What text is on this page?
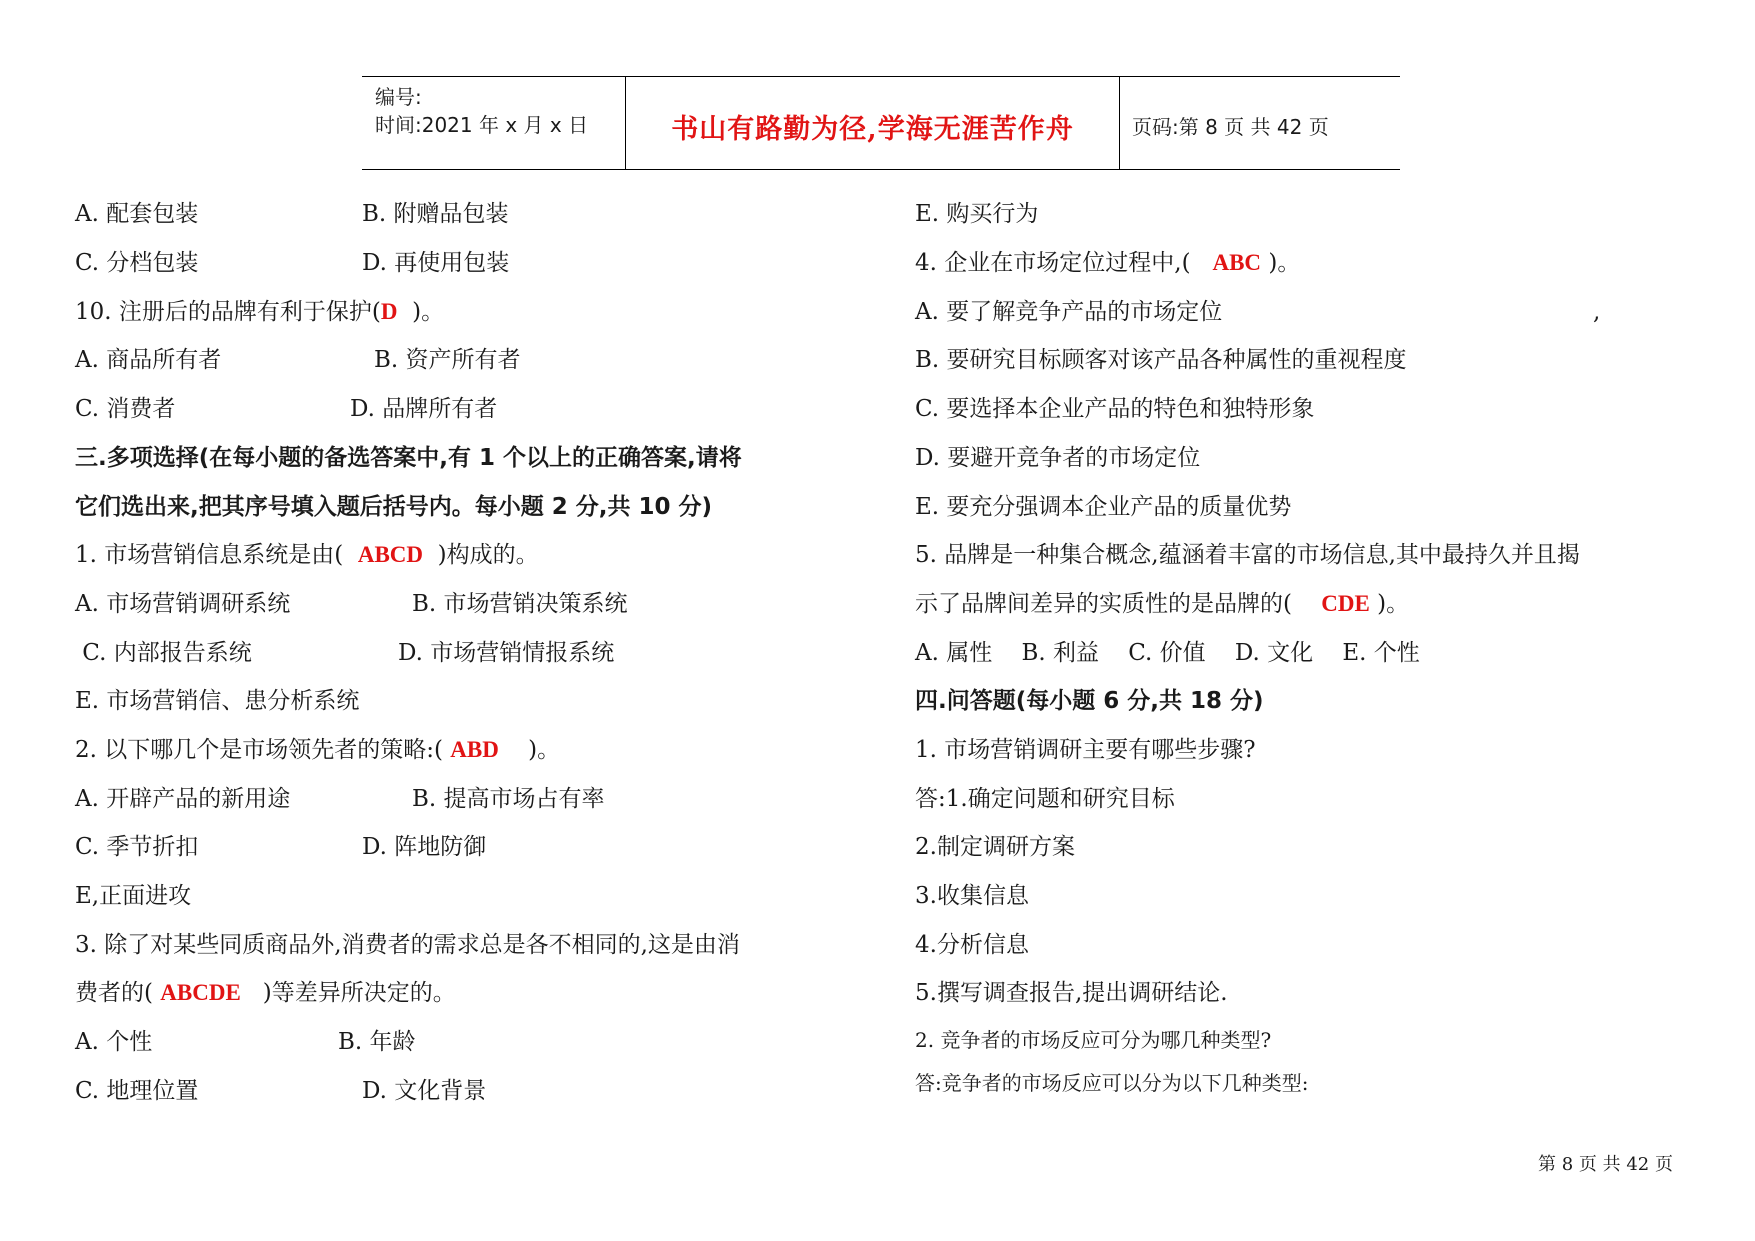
编号:
时间:2021 年 x 月 x 日	书山有路勤为径,学海无涯苦作舟	页码:第 8 页 共 42 页
A. 配套包装	B. 附赠品包装
C. 分档包装	D. 再使用包装
10. 注册后的品牌有利于保护(D  )。
A. 商品所有者	B. 资产所有者
C. 消费者	D. 品牌所有者
三.多项选择(在每小题的备选答案中,有 1 个以上的正确答案,请将
它们选出来,把其序号填入题后括号内。每小题 2 分,共 10 分)
1. 市场营销信息系统是由(  ABCD  )构成的。
A. 市场营销调研系统	B. 市场营销决策系统
C. 内部报告系统	D. 市场营销情报系统
E. 市场营销信、患分析系统
2. 以下哪几个是市场领先者的策略:( ABD    )。
A. 开辟产品的新用途	B. 提高市场占有率
C. 季节折扣	D. 阵地防御
E,正面进攻
3. 除了对某些同质商品外,消费者的需求总是各不相同的,这是由消
费者的( ABCDE   )等差异所决定的。
A. 个性	B. 年龄
C. 地理位置	D. 文化背景
E. 购买行为
4. 企业在市场定位过程中,(   ABC )。
A. 要了解竞争产品的市场定位	,
B. 要研究目标顾客对该产品各种属性的重视程度
C. 要选择本企业产品的特色和独特形象
D. 要避开竞争者的市场定位
E. 要充分强调本企业产品的质量优势
5. 品牌是一种集合概念,蕴涵着丰富的市场信息,其中最持久并且揭
示了品牌间差异的实质性的是品牌的(    CDE )。
A. 属性    B. 利益    C. 价值    D. 文化    E. 个性
四.问答题(每小题 6 分,共 18 分)
1. 市场营销调研主要有哪些步骤?
答:1.确定问题和研究目标
2.制定调研方案
3.收集信息
4.分析信息
5.撰写调查报告,提出调研结论.
2. 竞争者的市场反应可分为哪几种类型?
答:竞争者的市场反应可以分为以下几种类型:
第 8 页 共 42 页
